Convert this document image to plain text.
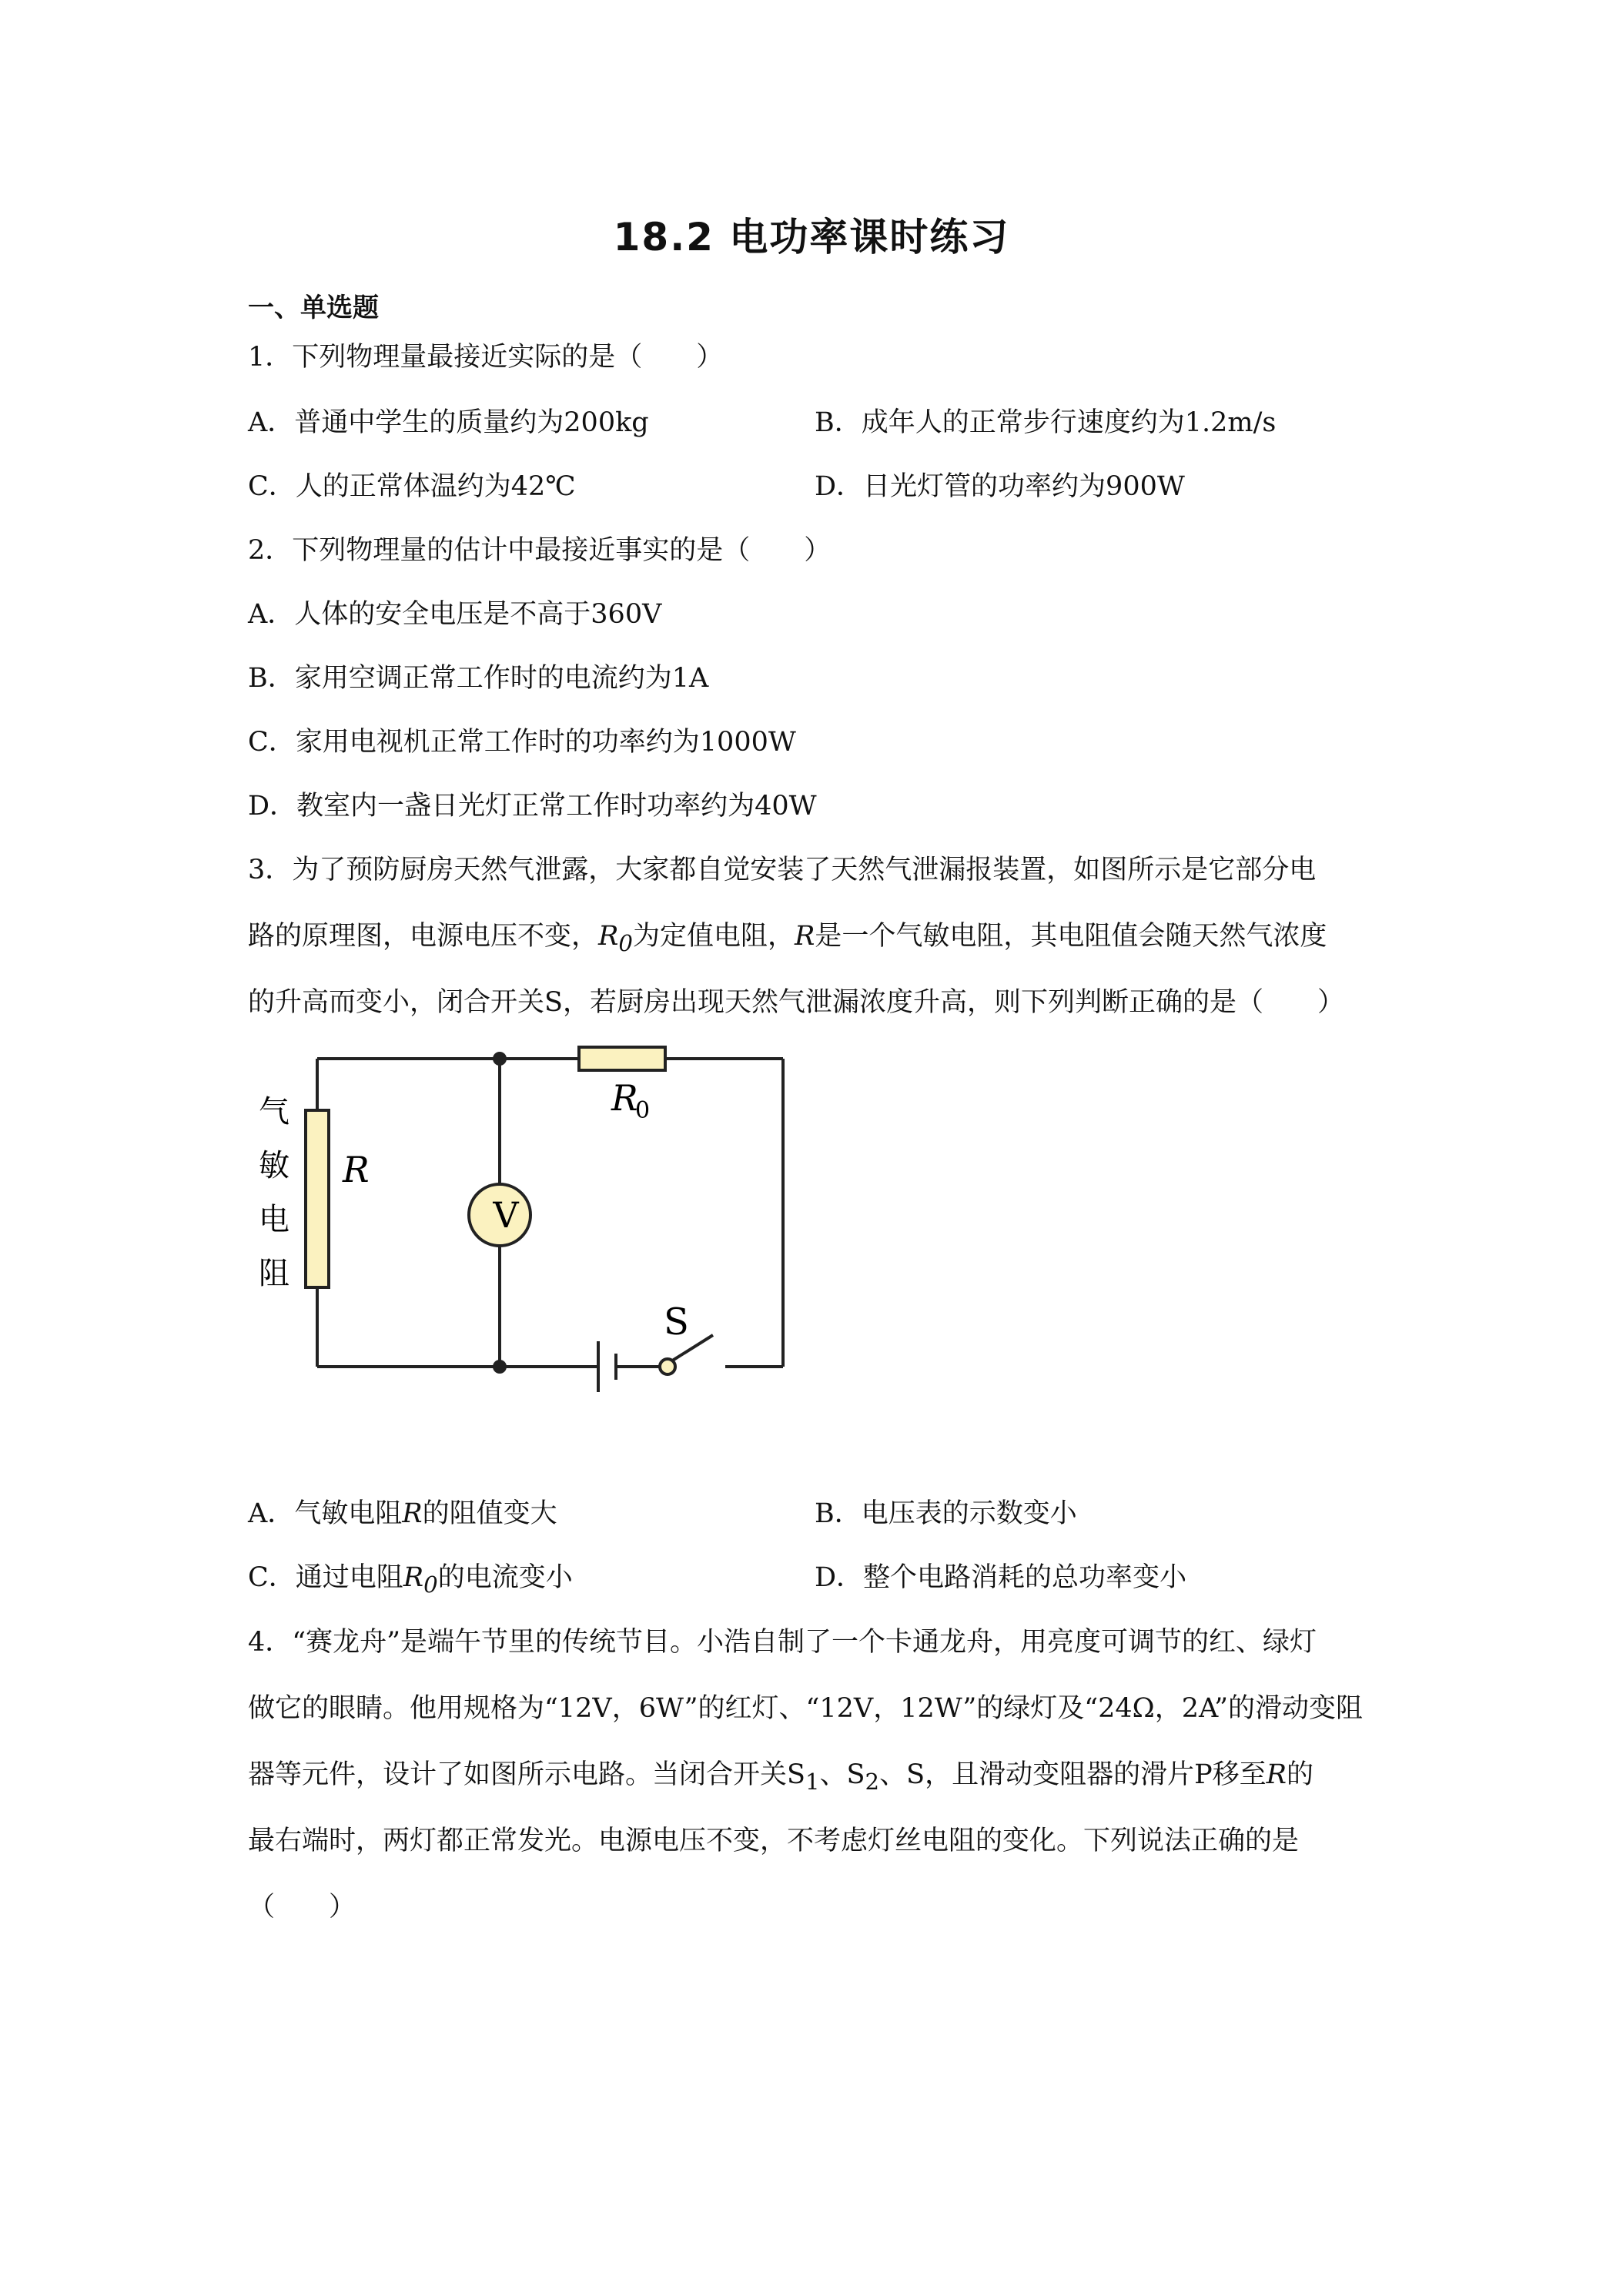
18.2 电功率课时练习
一、单选题
1．下列物理量最接近实际的是（　　）
A．普通中学生的质量约为200kg	B．成年人的正常步行速度约为1.2m/s
C．人的正常体温约为42℃	D．日光灯管的功率约为900W
2．下列物理量的估计中最接近事实的是（　　）
A．人体的安全电压是不高于360V
B．家用空调正常工作时的电流约为1A
C．家用电视机正常工作时的功率约为1000W
D．教室内一盏日光灯正常工作时功率约为40W
3．为了预防厨房天然气泄露，大家都自觉安装了天然气泄漏报装置，如图所示是它部分电
路的原理图，电源电压不变，$R_0$为定值电阻，R是一个气敏电阻，其电阻值会随天然气浓度
的升高而变小，闭合开关S，若厨房出现天然气泄漏浓度升高，则下列判断正确的是（　　）
V
R
R
0
S
气
敏
电
阻
A．气敏电阻R的阻值变大	B．电压表的示数变小
C．通过电阻$R_0$的电流变小	D．整个电路消耗的总功率变小
4．“赛龙舟”是端午节里的传统节目。小浩自制了一个卡通龙舟，用亮度可调节的红、绿灯
做它的眼睛。他用规格为“12V，6W”的红灯、“12V，12W”的绿灯及“24Ω，2A”的滑动变阻
器等元件，设计了如图所示电路。当闭合开关$S_1$、$S_2$、S，且滑动变阻器的滑片P移至R的
最右端时，两灯都正常发光。电源电压不变，不考虑灯丝电阻的变化。下列说法正确的是
（　　）
